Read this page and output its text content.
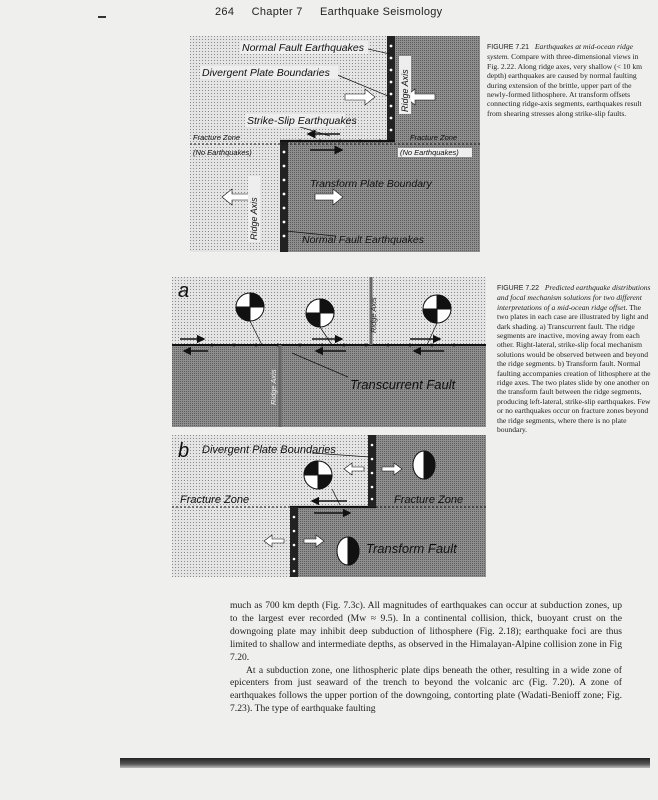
264 Chapter 7 Earthquake Seismology
Normal Fault Earthquakes
Divergent Plate Boundaries
Strike-Slip Earthquakes
Transform Plate Boundary
Normal Fault Earthquakes
Fracture Zone
(No Earthquakes)
Fracture Zone
(No Earthquakes)
Ridge Axis
Ridge Axis
FIGURE 7.21 Earthquakes at mid-ocean ridge system. Compare with three-dimensional views in Fig. 2.22. Along ridge axes, very shallow (< 10 km depth) earthquakes are caused by normal faulting during extension of the brittle, upper part of the newly-formed lithosphere. At transform offsets connecting ridge-axis segments, earthquakes result from shearing stresses along strike-slip faults.
a
Ridge Axis
Ridge Axis	Transcurrent Fault
b Divergent Plate Boundaries
Fracture Zone	Fracture Zone
Transform Fault
FIGURE 7.22 Predicted earthquake distributions and focal mechanism solutions for two different interpretations of a mid-ocean ridge offset. The two plates in each case are illustrated by light and dark shading. a) Transcurrent fault. The ridge segments are inactive, moving away from each other. Right-lateral, strike-slip focal mechanism solutions would be observed between and beyond the ridge segments. b) Transform fault. Normal faulting accompanies creation of lithosphere at the ridge axes. The two plates slide by one another on the transform fault between the ridge segments, producing left-lateral, strike-slip earthquakes. Few or no earthquakes occur on fracture zones beyond the ridge segments, where there is no plate boundary.

much as 700 km depth (Fig. 7.3c). All magnitudes of earthquakes can occur at subduction zones, up to the largest ever recorded (Mw ≈ 9.5). In a continental collision, thick, buoyant crust on the downgoing plate may inhibit deep subduction of lithosphere (Fig. 2.18); earthquake foci are thus limited to shallow and intermediate depths, as observed in the Himalayan-Alpine collision zone in Fig 7.20.

At a subduction zone, one lithospheric plate dips beneath the other, resulting in a wide zone of epicenters from just seaward of the trench to beyond the volcanic arc (Fig. 7.20). A zone of earthquakes follows the upper portion of the downgoing, contorting plate (Wadati-Benioff zone; Fig. 7.23). The type of earthquake faulting
